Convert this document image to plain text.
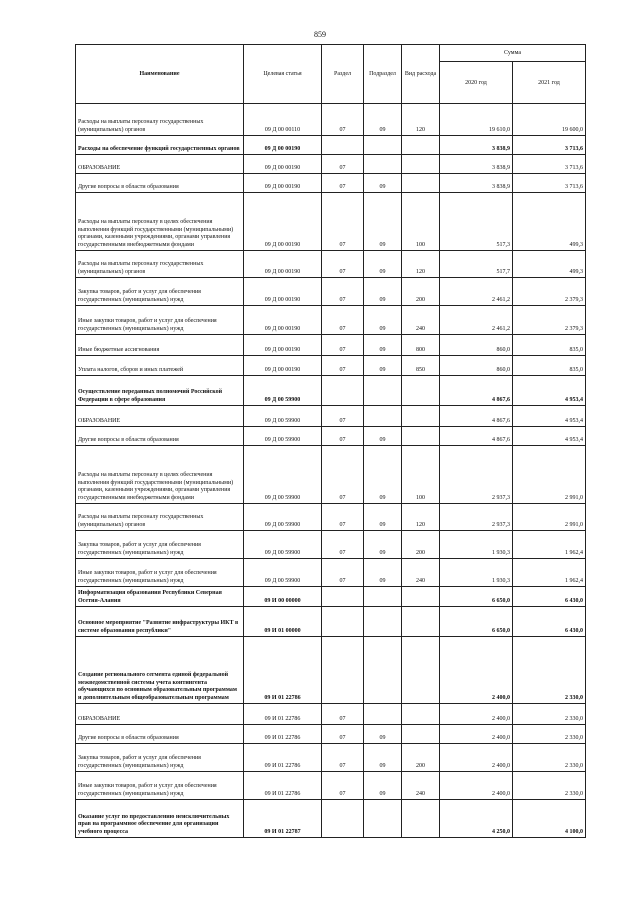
859
Наименование	Целевая статья	Раздел	Подраздел	Вид расхода	Сумма	
					2020 год	2021 год
Расходы на выплаты персоналу государственных (муниципальных) органов	09 Д 00 00110	07	09	120	19 610,0	19 600,0
Расходы на обеспечение функций государственных органов	09 Д 00 00190				3 838,9	3 713,6
ОБРАЗОВАНИЕ	09 Д 00 00190	07			3 838,9	3 713,6
Другие вопросы в области образования	09 Д 00 00190	07	09		3 838,9	3 713,6
Расходы на выплаты персоналу в целях обеспечения выполнения функций государственными (муниципальными) органами, казенными учреждениями, органами управления государственными внебюджетными фондами	09 Д 00 00190	07	09	100	517,3	499,3
Расходы на выплаты персоналу государственных (муниципальных) органов	09 Д 00 00190	07	09	120	517,7	499,3
Закупка товаров, работ и услуг для обеспечения государственных (муниципальных) нужд	09 Д 00 00190	07	09	200	2 461,2	2 379,3
Иные закупки товаров, работ и услуг для обеспечения государственных (муниципальных) нужд	09 Д 00 00190	07	09	240	2 461,2	2 379,3
Иные бюджетные ассигнования	09 Д 00 00190	07	09	800	860,0	835,0
Уплата налогов, сборов и иных платежей	09 Д 00 00190	07	09	850	860,0	835,0
Осуществление переданных полномочий Российской Федерации в сфере образования	09 Д 00 59900				4 867,6	4 953,4
ОБРАЗОВАНИЕ	09 Д 00 59900	07			4 867,6	4 953,4
Другие вопросы в области образования	09 Д 00 59900	07	09		4 867,6	4 953,4
Расходы на выплаты персоналу в целях обеспечения выполнения функций государственными (муниципальными) органами, казенными учреждениями, органами управления государственными внебюджетными фондами	09 Д 00 59900	07	09	100	2 937,3	2 991,0
Расходы на выплаты персоналу государственных (муниципальных) органов	09 Д 00 59900	07	09	120	2 937,3	2 991,0
Закупка товаров, работ и услуг для обеспечения государственных (муниципальных) нужд	09 Д 00 59900	07	09	200	1 930,3	1 962,4
Иные закупки товаров, работ и услуг для обеспечения государственных (муниципальных) нужд	09 Д 00 59900	07	09	240	1 930,3	1 962,4
Информатизация образования Республики Северная Осетия-Алания	09 И 00 00000				6 650,0	6 430,0
Основное мероприятие "Развитие инфраструктуры ИКТ в системе образования республики"	09 И 01 00000				6 650,0	6 430,0
Создание регионального сегмента единой федеральной межведомственной системы учета контингента обучающихся по основным образовательным программам и дополнительным общеобразовательным программам	09 И 01 22786				2 400,0	2 330,0
ОБРАЗОВАНИЕ	09 И 01 22786	07			2 400,0	2 330,0
Другие вопросы в области образования	09 И 01 22786	07	09		2 400,0	2 330,0
Закупка товаров, работ и услуг для обеспечения государственных (муниципальных) нужд	09 И 01 22786	07	09	200	2 400,0	2 330,0
Иные закупки товаров, работ и услуг для обеспечения государственных (муниципальных) нужд	09 И 01 22786	07	09	240	2 400,0	2 330,0
Оказание услуг по предоставлению неисключительных прав на программное обеспечение для организации учебного процесса	09 И 01 22787				4 250,0	4 100,0
